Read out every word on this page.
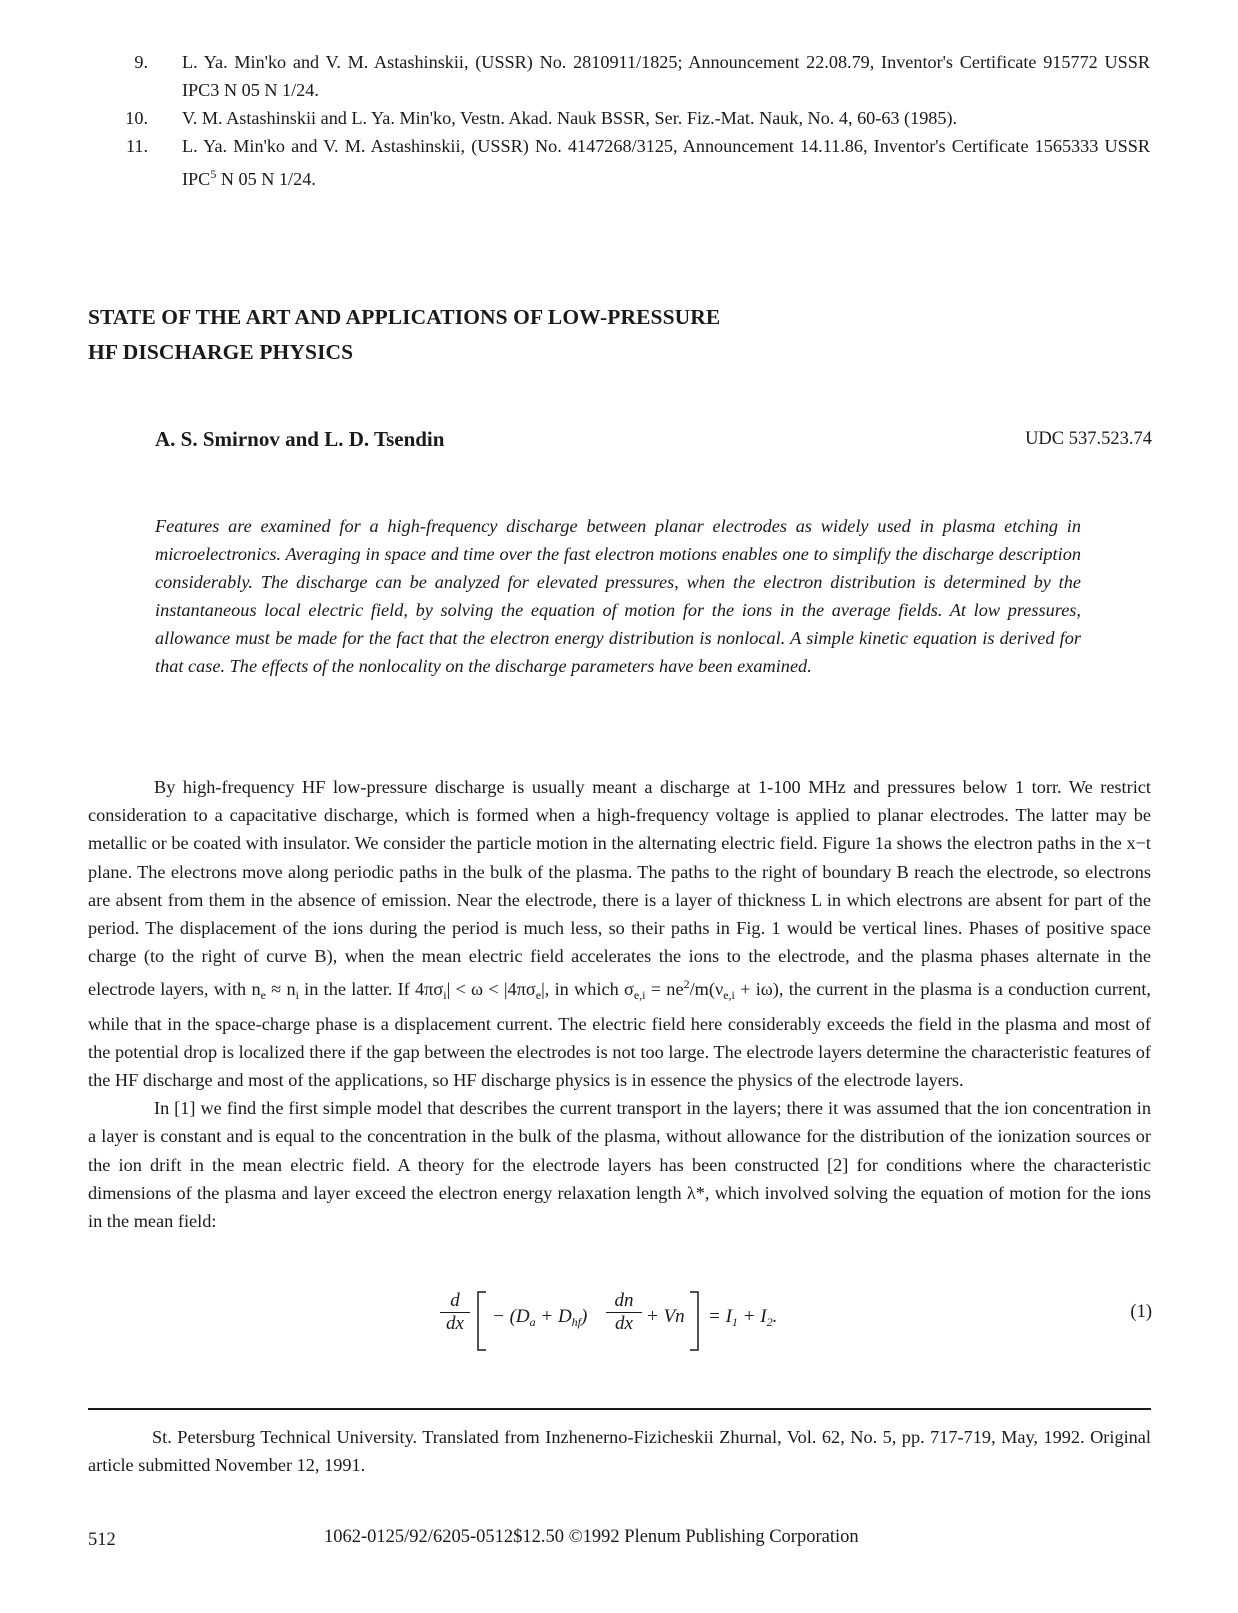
9.	L. Ya. Min'ko and V. M. Astashinskii, (USSR) No. 2810911/1825; Announcement 22.08.79, Inventor's Certificate 915772 USSR IPC3 N 05 N 1/24.
10.	V. M. Astashinskii and L. Ya. Min'ko, Vestn. Akad. Nauk BSSR, Ser. Fiz.-Mat. Nauk, No. 4, 60-63 (1985).
11.	L. Ya. Min'ko and V. M. Astashinskii, (USSR) No. 4147268/3125, Announcement 14.11.86, Inventor's Certificate 1565333 USSR IPC$^5$ N 05 N 1/24.
STATE OF THE ART AND APPLICATIONS OF LOW-PRESSURE
HF DISCHARGE PHYSICS
A. S. Smirnov and L. D. Tsendin	UDC 537.523.74
Features are examined for a high-frequency discharge between planar electrodes as widely used in plasma etching in microelectronics. Averaging in space and time over the fast electron motions enables one to simplify the discharge description considerably. The discharge can be analyzed for elevated pressures, when the electron distribution is determined by the instantaneous local electric field, by solving the equation of motion for the ions in the average fields. At low pressures, allowance must be made for the fact that the electron energy distribution is nonlocal. A simple kinetic equation is derived for that case. The effects of the nonlocality on the discharge parameters have been examined.

By high-frequency HF low-pressure discharge is usually meant a discharge at 1-100 MHz and pressures below 1 torr. We restrict consideration to a capacitative discharge, which is formed when a high-frequency voltage is applied to planar electrodes. The latter may be metallic or be coated with insulator. We consider the particle motion in the alternating electric field. Figure 1a shows the electron paths in the x−t plane. The electrons move along periodic paths in the bulk of the plasma. The paths to the right of boundary B reach the electrode, so electrons are absent from them in the absence of emission. Near the electrode, there is a layer of thickness L in which electrons are absent for part of the period. The displacement of the ions during the period is much less, so their paths in Fig. 1 would be vertical lines. Phases of positive space charge (to the right of curve B), when the mean electric field accelerates the ions to the electrode, and the plasma phases alternate in the electrode layers, with $n_e \approx n_i$ in the latter. If $4\pi\sigma_i| < \omega < |4\pi\sigma_e|$, in which $\sigma_{e,i} = ne^2/m(\nu_{e,i} + i\omega)$, the current in the plasma is a conduction current, while that in the space-charge phase is a displacement current. The electric field here considerably exceeds the field in the plasma and most of the potential drop is localized there if the gap between the electrodes is not too large. The electrode layers determine the characteristic features of the HF discharge and most of the applications, so HF discharge physics is in essence the physics of the electrode layers.

In [1] we find the first simple model that describes the current transport in the layers; there it was assumed that the ion concentration in a layer is constant and is equal to the concentration in the bulk of the plasma, without allowance for the distribution of the ionization sources or the ion drift in the mean electric field. A theory for the electrode layers has been constructed [2] for conditions where the characteristic dimensions of the plasma and layer exceed the electron energy relaxation length λ*, which involved solving the equation of motion for the ions in the mean field:

$\frac{d}{dx} - (D_a + D_{hf}) \frac{dn}{dx} + Vn = I_1 + I_2$.	(1)
St. Petersburg Technical University. Translated from Inzhenerno-Fizicheskii Zhurnal, Vol. 62, No. 5, pp. 717-719, May, 1992. Original article submitted November 12, 1991.
512	1062-0125/92/6205-0512$12.50 ©1992 Plenum Publishing Corporation
